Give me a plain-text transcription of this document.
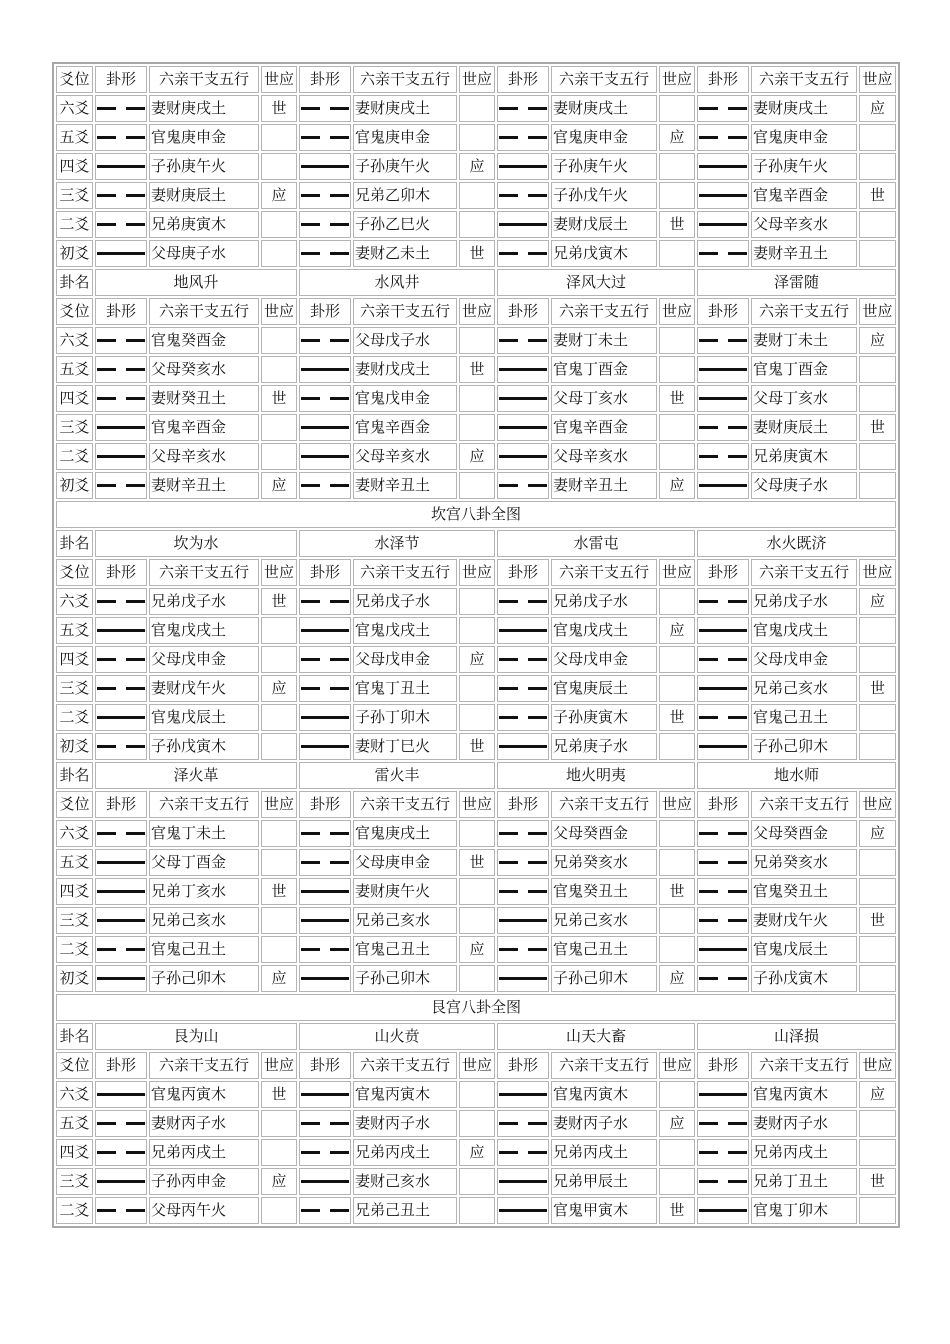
爻位	卦形	六亲干支五行	世应	卦形	六亲干支五行	世应	卦形	六亲干支五行	世应	卦形	六亲干支五行	世应
六爻		妻财庚戌土	世		妻财庚戌土			妻财庚戌土			妻财庚戌土	应
五爻		官鬼庚申金			官鬼庚申金			官鬼庚申金	应		官鬼庚申金	
四爻		子孙庚午火			子孙庚午火	应		子孙庚午火			子孙庚午火	
三爻		妻财庚辰土	应		兄弟乙卯木			子孙戊午火			官鬼辛酉金	世
二爻		兄弟庚寅木			子孙乙巳火			妻财戊辰土	世		父母辛亥水	
初爻		父母庚子水			妻财乙未土	世		兄弟戊寅木			妻财辛丑土	
卦名	地风升			水风井			泽风大过			泽雷随		
爻位	卦形	六亲干支五行	世应	卦形	六亲干支五行	世应	卦形	六亲干支五行	世应	卦形	六亲干支五行	世应
六爻		官鬼癸酉金			父母戊子水			妻财丁未土			妻财丁未土	应
五爻		父母癸亥水			妻财戊戌土	世		官鬼丁酉金			官鬼丁酉金	
四爻		妻财癸丑土	世		官鬼戊申金			父母丁亥水	世		父母丁亥水	
三爻		官鬼辛酉金			官鬼辛酉金			官鬼辛酉金			妻财庚辰土	世
二爻		父母辛亥水			父母辛亥水	应		父母辛亥水			兄弟庚寅木	
初爻		妻财辛丑土	应		妻财辛丑土			妻财辛丑土	应		父母庚子水	
坎宫八卦全图												
卦名	坎为水			水泽节			水雷屯			水火既济		
爻位	卦形	六亲干支五行	世应	卦形	六亲干支五行	世应	卦形	六亲干支五行	世应	卦形	六亲干支五行	世应
六爻		兄弟戊子水	世		兄弟戊子水			兄弟戊子水			兄弟戊子水	应
五爻		官鬼戊戌土			官鬼戊戌土			官鬼戊戌土	应		官鬼戊戌土	
四爻		父母戊申金			父母戊申金	应		父母戊申金			父母戊申金	
三爻		妻财戊午火	应		官鬼丁丑土			官鬼庚辰土			兄弟己亥水	世
二爻		官鬼戊辰土			子孙丁卯木			子孙庚寅木	世		官鬼己丑土	
初爻		子孙戊寅木			妻财丁巳火	世		兄弟庚子水			子孙己卯木	
卦名	泽火革			雷火丰			地火明夷			地水师		
爻位	卦形	六亲干支五行	世应	卦形	六亲干支五行	世应	卦形	六亲干支五行	世应	卦形	六亲干支五行	世应
六爻		官鬼丁未土			官鬼庚戌土			父母癸酉金			父母癸酉金	应
五爻		父母丁酉金			父母庚申金	世		兄弟癸亥水			兄弟癸亥水	
四爻		兄弟丁亥水	世		妻财庚午火			官鬼癸丑土	世		官鬼癸丑土	
三爻		兄弟己亥水			兄弟己亥水			兄弟己亥水			妻财戊午火	世
二爻		官鬼己丑土			官鬼己丑土	应		官鬼己丑土			官鬼戊辰土	
初爻		子孙己卯木	应		子孙己卯木			子孙己卯木	应		子孙戊寅木	
艮宫八卦全图												
卦名	艮为山			山火贲			山天大畜			山泽损		
爻位	卦形	六亲干支五行	世应	卦形	六亲干支五行	世应	卦形	六亲干支五行	世应	卦形	六亲干支五行	世应
六爻		官鬼丙寅木	世		官鬼丙寅木			官鬼丙寅木			官鬼丙寅木	应
五爻		妻财丙子水			妻财丙子水			妻财丙子水	应		妻财丙子水	
四爻		兄弟丙戌土			兄弟丙戌土	应		兄弟丙戌土			兄弟丙戌土	
三爻		子孙丙申金	应		妻财己亥水			兄弟甲辰土			兄弟丁丑土	世
二爻		父母丙午火			兄弟己丑土			官鬼甲寅木	世		官鬼丁卯木	
